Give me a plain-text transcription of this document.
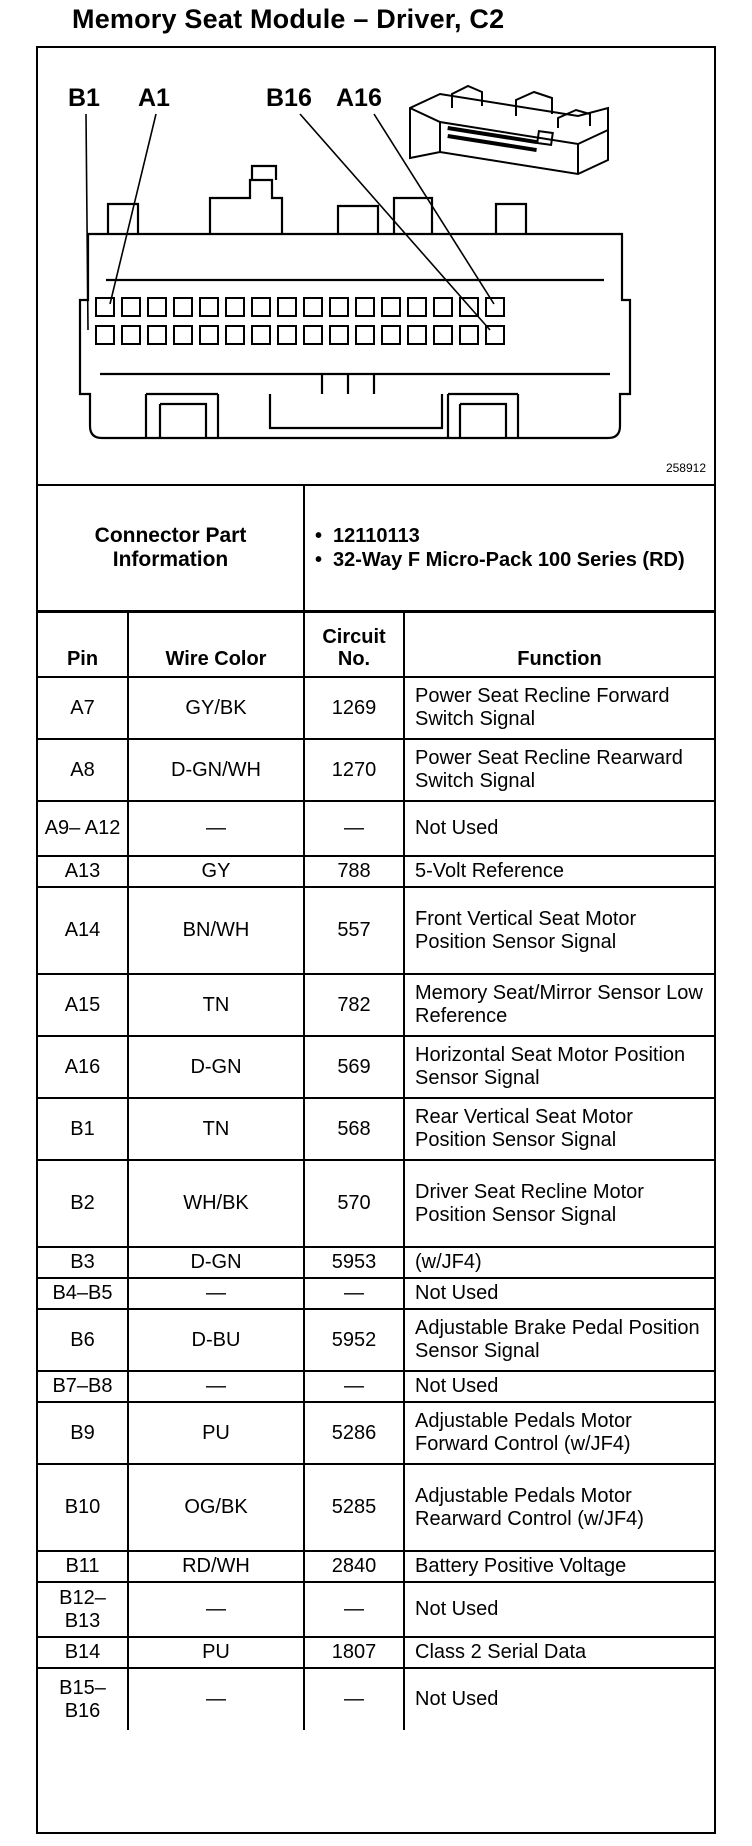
Memory Seat Module – Driver, C2
B1 A1	B16 A16
258912
Connector Part Information	
• 12110113
• 32-Way F Micro-Pack 100 Series (RD)
Pin	Wire Color	Circuit No.	Function
A7	GY/BK	1269	Power Seat Recline Forward Switch Signal
A8	D-GN/WH	1270	Power Seat Recline Rearward Switch Signal
A9– A12	—	—	Not Used
A13	GY	788	5-Volt Reference
A14	BN/WH	557	Front Vertical Seat Motor Position Sensor Signal
A15	TN	782	Memory Seat/Mirror Sensor Low Reference
A16	D-GN	569	Horizontal Seat Motor Position Sensor Signal
B1	TN	568	Rear Vertical Seat Motor Position Sensor Signal
B2	WH/BK	570	Driver Seat Recline Motor Position Sensor Signal
B3	D-GN	5953	(w/JF4)
B4–B5	—	—	Not Used
B6	D-BU	5952	Adjustable Brake Pedal Position Sensor Signal
B7–B8	—	—	Not Used
B9	PU	5286	Adjustable Pedals Motor Forward Control (w/JF4)
B10	OG/BK	5285	Adjustable Pedals Motor Rearward Control (w/JF4)
B11	RD/WH	2840	Battery Positive Voltage
B12– B13	—	—	Not Used
B14	PU	1807	Class 2 Serial Data
B15– B16	—	—	Not Used
